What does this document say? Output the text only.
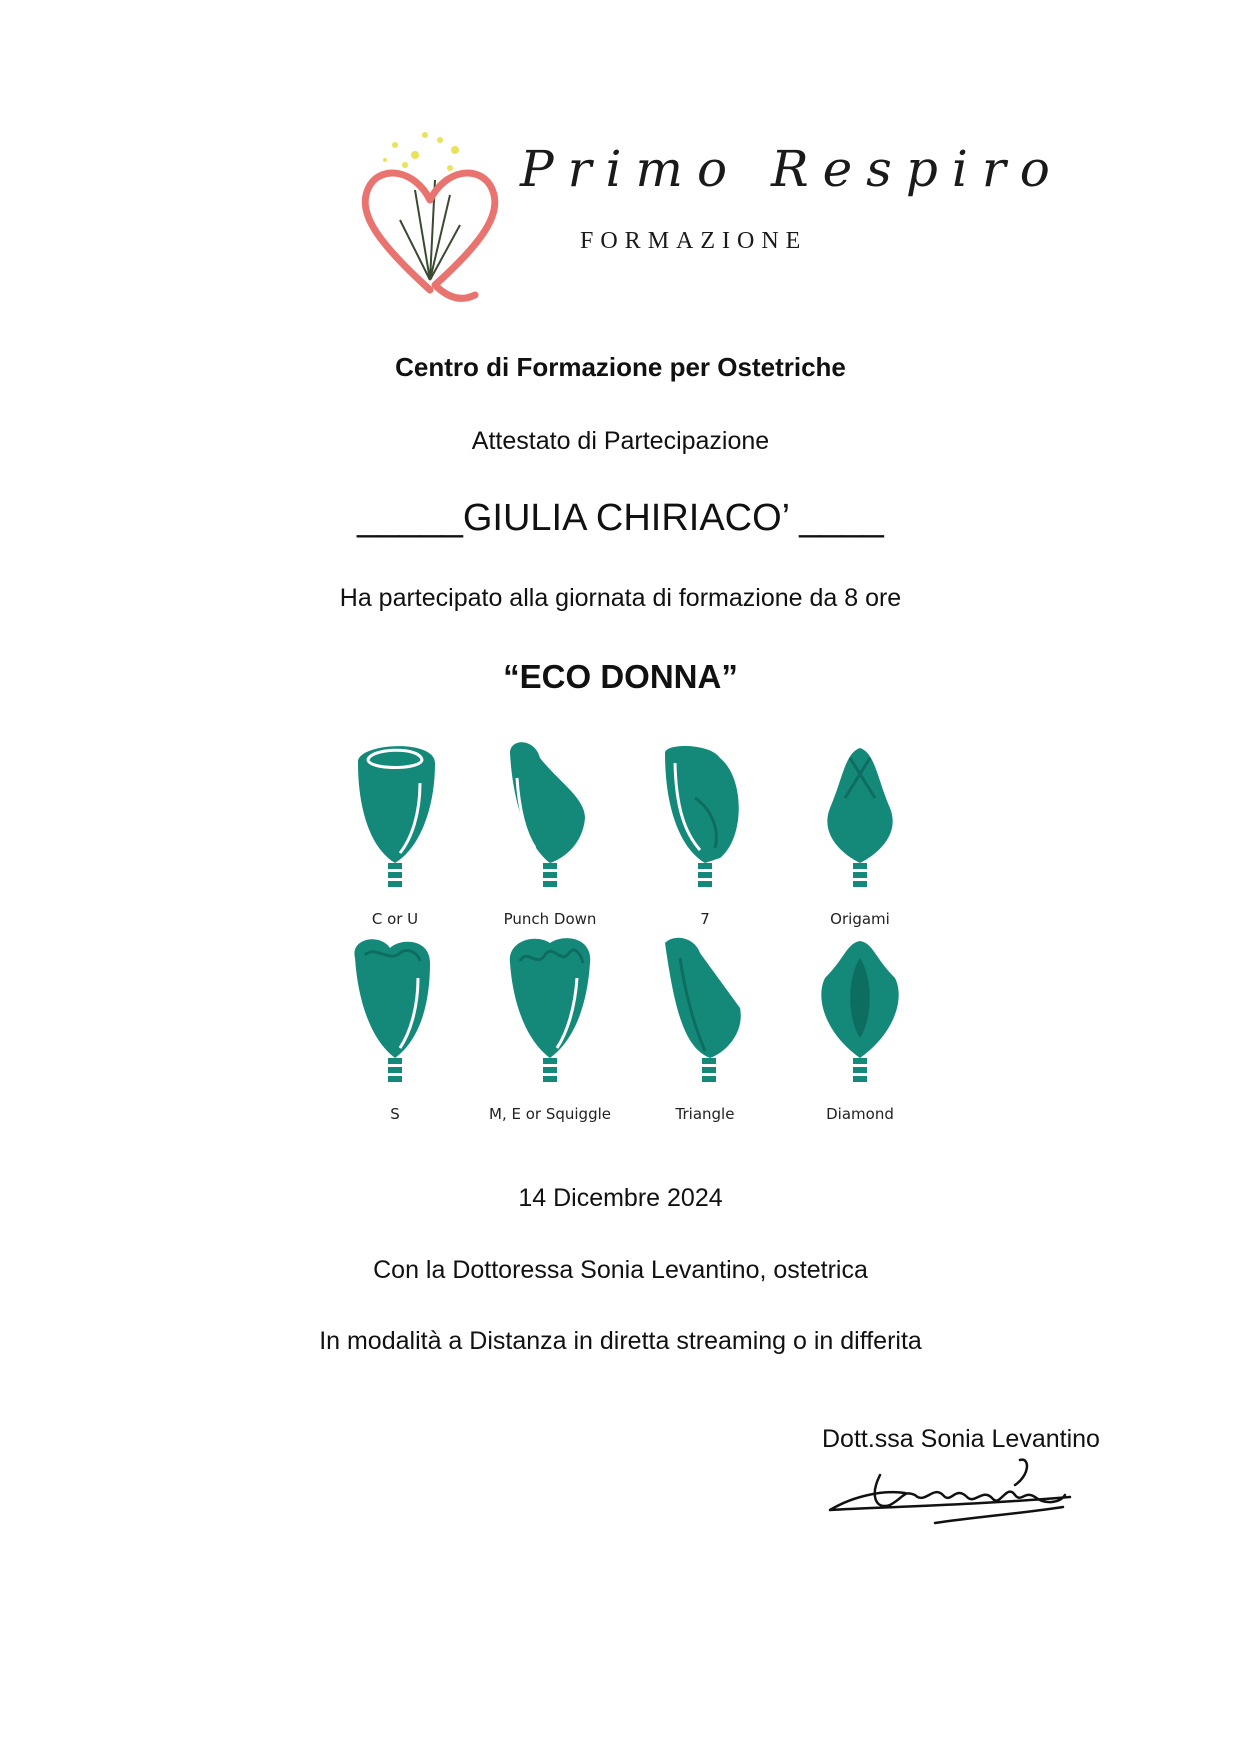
Primo Respiro
FORMAZIONE
Centro di Formazione per Ostetriche
Attestato di Partecipazione
_____GIULIA CHIRIACO’ ____
Ha partecipato alla giornata di formazione da 8 ore
“ECO DONNA”
C or U	Punch Down	7	Origami
S	M, E or Squiggle	Triangle	Diamond
14 Dicembre 2024
Con la Dottoressa Sonia Levantino, ostetrica
In modalità a Distanza in diretta streaming o in differita
Dott.ssa Sonia Levantino
